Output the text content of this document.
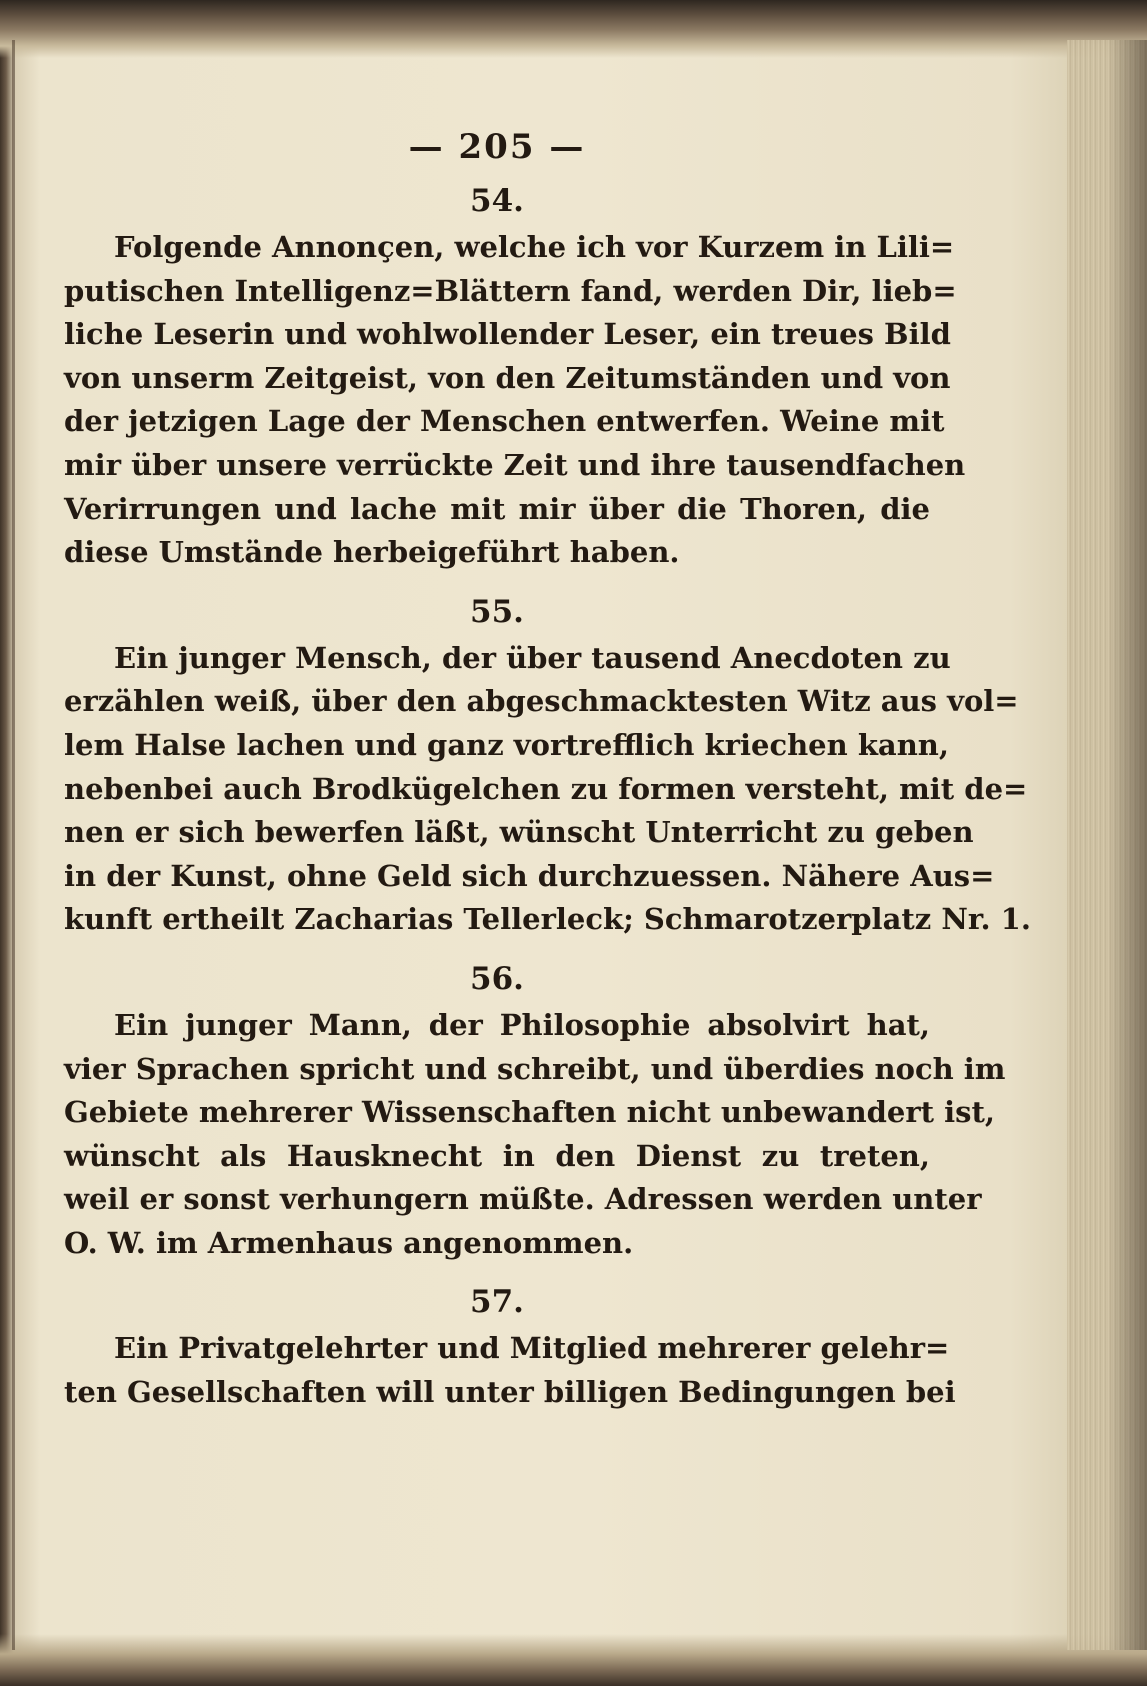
— 205 —
54.

Folgende Annonçen, welche ich vor Kurzem in Lili=
putischen Intelligenz=Blättern fand, werden Dir, lieb=
liche Leserin und wohlwollender Leser, ein treues Bild
von unserm Zeitgeist, von den Zeitumständen und von
der jetzigen Lage der Menschen entwerfen. Weine mit
mir über unsere verrückte Zeit und ihre tausendfachen
Verirrungen und lache mit mir über die Thoren, die
diese Umstände herbeigeführt haben.

55.

Ein junger Mensch, der über tausend Anecdoten zu
erzählen weiß, über den abgeschmacktesten Witz aus vol=
lem Halse lachen und ganz vortrefflich kriechen kann,
nebenbei auch Brodkügelchen zu formen versteht, mit de=
nen er sich bewerfen läßt, wünscht Unterricht zu geben
in der Kunst, ohne Geld sich durchzuessen. Nähere Aus=
kunft ertheilt Zacharias Tellerleck; Schmarotzerplatz Nr. 1.

56.

Ein junger Mann, der Philosophie absolvirt hat,
vier Sprachen spricht und schreibt, und überdies noch im
Gebiete mehrerer Wissenschaften nicht unbewandert ist,
wünscht als Hausknecht in den Dienst zu treten,
weil er sonst verhungern müßte. Adressen werden unter
O. W. im Armenhaus angenommen.

57.

Ein Privatgelehrter und Mitglied mehrerer gelehr=
ten Gesellschaften will unter billigen Bedingungen bei
